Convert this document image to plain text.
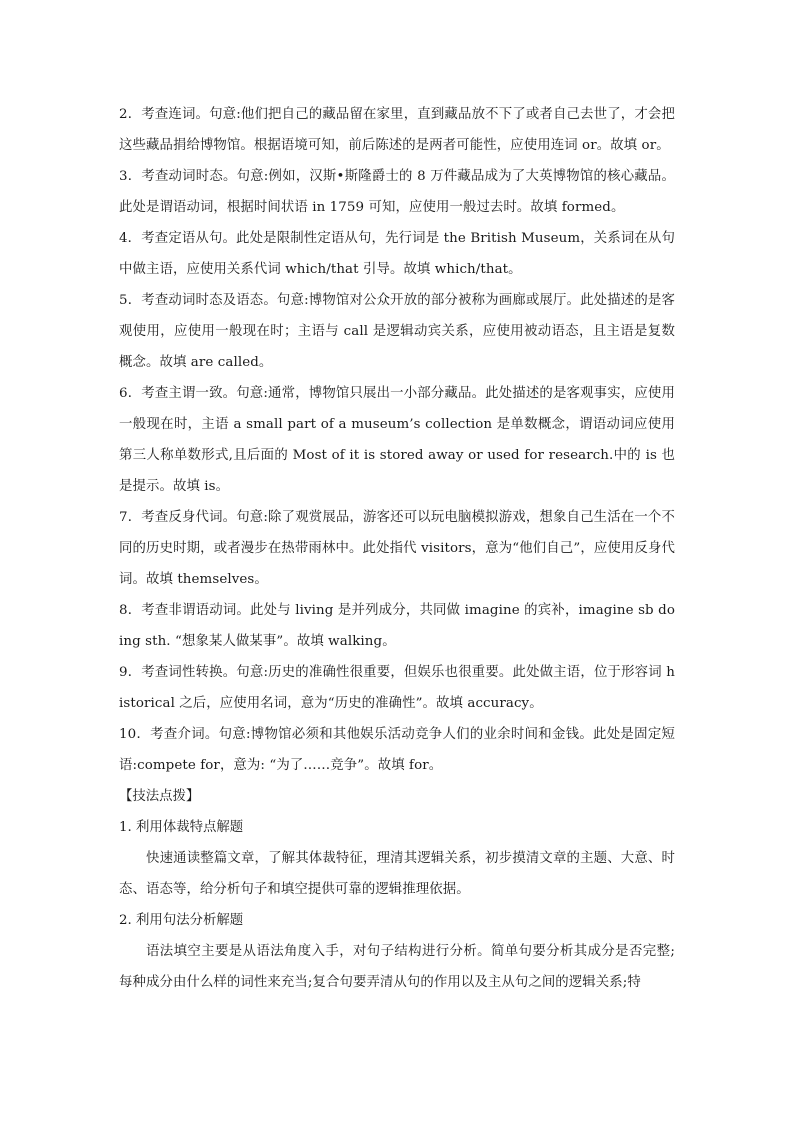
2．考查连词。句意:他们把自己的藏品留在家里，直到藏品放不下了或者自己去世了，才会把这些藏品捐给博物馆。根据语境可知，前后陈述的是两者可能性，应使用连词 or。故填 or。

3．考查动词时态。句意:例如，汉斯•斯隆爵士的 8 万件藏品成为了大英博物馆的核心藏品。此处是谓语动词，根据时间状语 in 1759 可知，应使用一般过去时。故填 formed。

4．考查定语从句。此处是限制性定语从句，先行词是 the British Museum，关系词在从句中做主语，应使用关系代词 which/that 引导。故填 which/that。

5．考查动词时态及语态。句意:博物馆对公众开放的部分被称为画廊或展厅。此处描述的是客观使用，应使用一般现在时；主语与 call 是逻辑动宾关系，应使用被动语态，且主语是复数概念。故填 are called。

6．考查主谓一致。句意:通常，博物馆只展出一小部分藏品。此处描述的是客观事实，应使用一般现在时，主语 a small part of a museum’s collection 是单数概念，谓语动词应使用第三人称单数形式,且后面的 Most of it is stored away or used for research.中的 is 也是提示。故填 is。

7．考查反身代词。句意:除了观赏展品，游客还可以玩电脑模拟游戏，想象自己生活在一个不同的历史时期，或者漫步在热带雨林中。此处指代 visitors，意为“他们自己”，应使用反身代词。故填 themselves。

8．考查非谓语动词。此处与 living 是并列成分，共同做 imagine 的宾补，imagine sb doing sth. “想象某人做某事”。故填 walking。

9．考查词性转换。句意:历史的准确性很重要，但娱乐也很重要。此处做主语，位于形容词 historical 之后，应使用名词，意为“历史的准确性”。故填 accuracy。

10．考查介词。句意:博物馆必须和其他娱乐活动竞争人们的业余时间和金钱。此处是固定短语:compete for，意为: “为了……竞争”。故填 for。

【技法点拨】

1. 利用体裁特点解题

快速通读整篇文章，了解其体裁特征，理清其逻辑关系，初步摸清文章的主题、大意、时态、语态等，给分析句子和填空提供可靠的逻辑推理依据。

2. 利用句法分析解题

语法填空主要是从语法角度入手，对句子结构进行分析。简单句要分析其成分是否完整;每种成分由什么样的词性来充当;复合句要弄清从句的作用以及主从句之间的逻辑关系;特
